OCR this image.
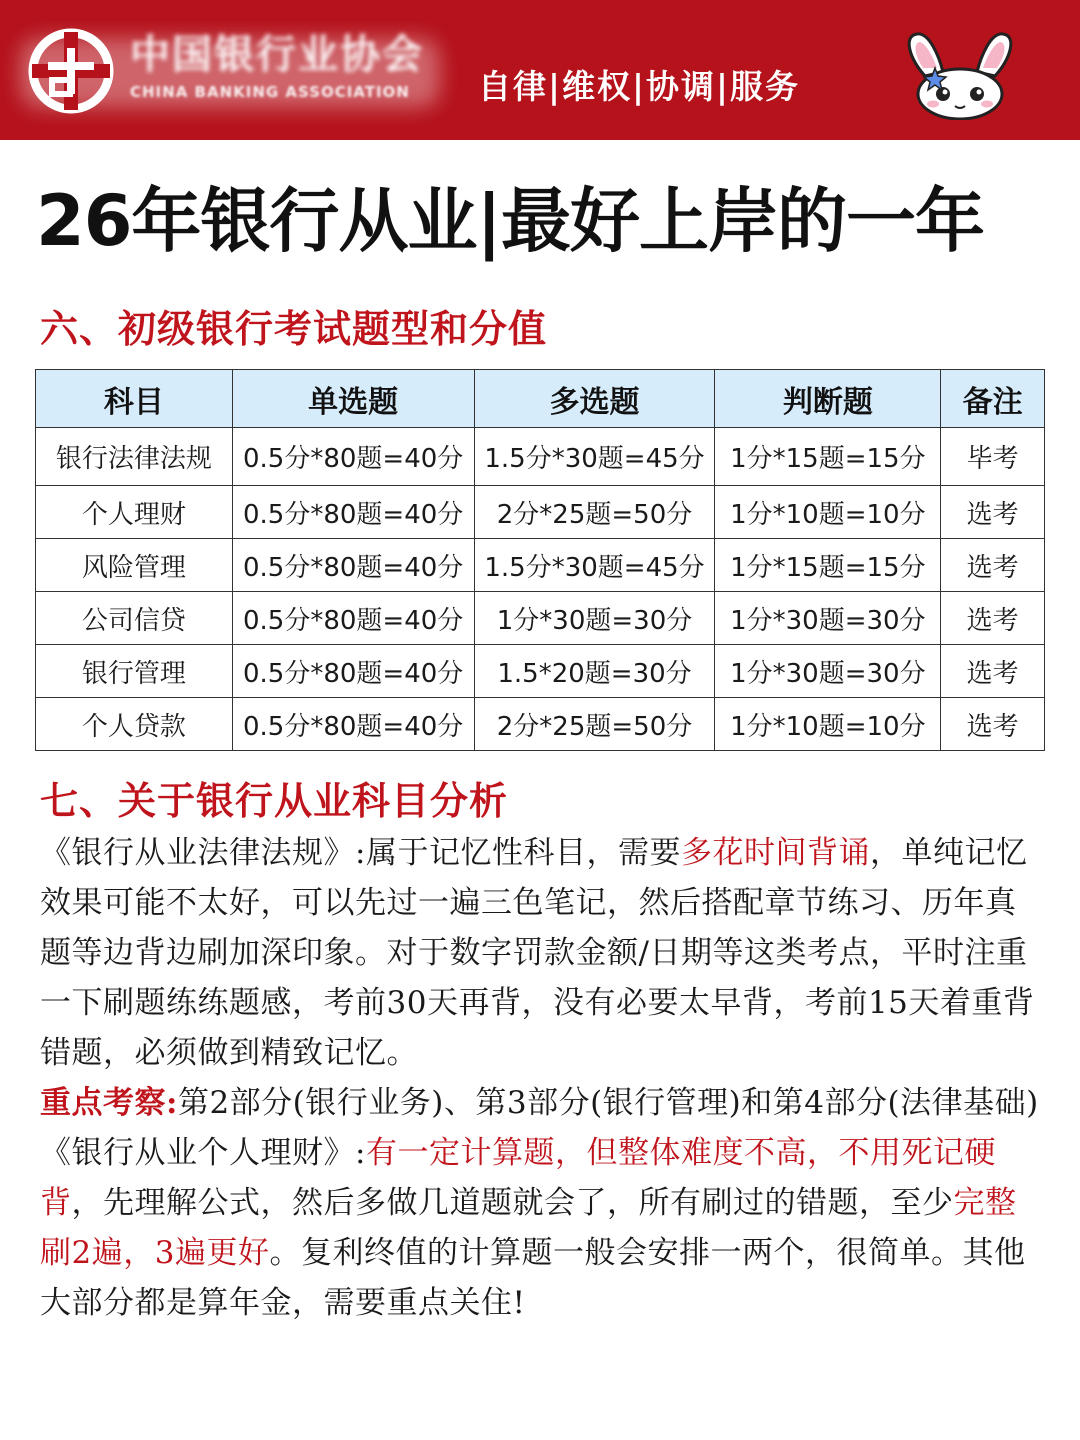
中国银行业协会
CHINA BANKING ASSOCIATION	自律|维权|协调|服务
26年银行从业|最好上岸的一年
六、初级银行考试题型和分值
科目	单选题	多选题	判断题	备注
银行法律法规	0.5分*80题=40分	1.5分*30题=45分	1分*15题=15分	毕考
个人理财	0.5分*80题=40分	2分*25题=50分	1分*10题=10分	选考
风险管理	0.5分*80题=40分	1.5分*30题=45分	1分*15题=15分	选考
公司信贷	0.5分*80题=40分	1分*30题=30分	1分*30题=30分	选考
银行管理	0.5分*80题=40分	1.5*20题=30分	1分*30题=30分	选考
个人贷款	0.5分*80题=40分	2分*25题=50分	1分*10题=10分	选考
七、关于银行从业科目分析

《银行从业法律法规》:属于记忆性科目，需要多花时间背诵，单纯记忆效果可能不太好，可以先过一遍三色笔记，然后搭配章节练习、历年真题等边背边刷加深印象。对于数字罚款金额/日期等这类考点，平时注重一下刷题练练题感，考前30天再背，没有必要太早背，考前15天着重背错题，必须做到精致记忆。

重点考察:第2部分(银行业务)、第3部分(银行管理)和第4部分(法律基础)

《银行从业个人理财》:有一定计算题，但整体难度不高，不用死记硬背，先理解公式，然后多做几道题就会了，所有刷过的错题，至少完整刷2遍，3遍更好。复利终值的计算题一般会安排一两个，很简单。其他大部分都是算年金，需要重点关住!
